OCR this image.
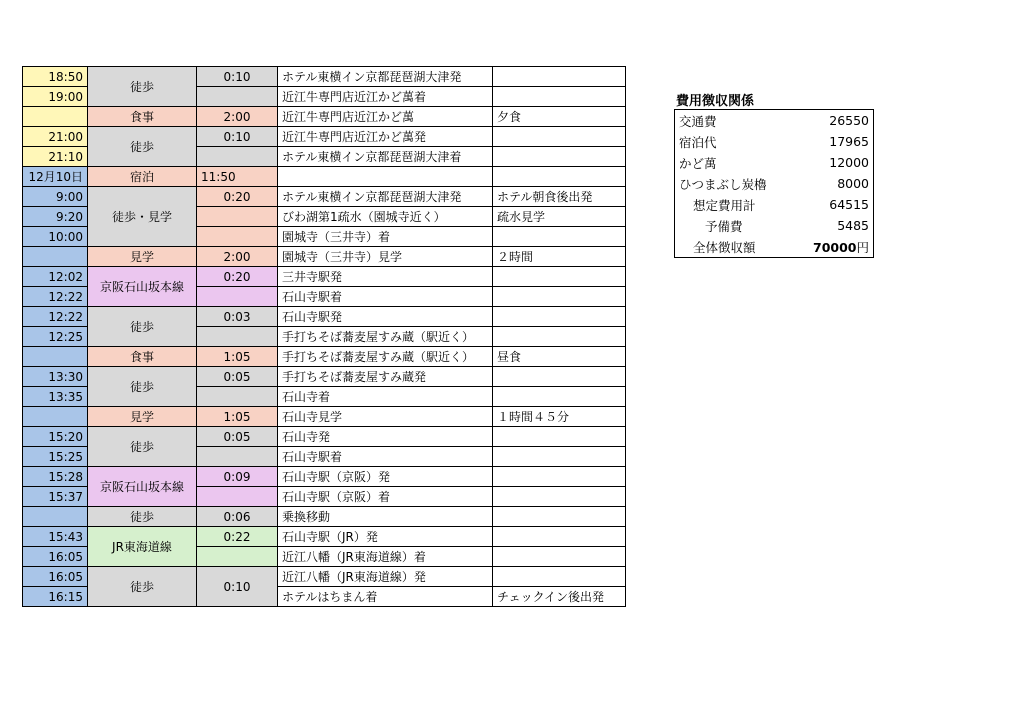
18:50	徒歩	0:10	ホテル東横イン京都琵琶湖大津発	
19:00			近江牛専門店近江かど萬着	
	食事	2:00	近江牛専門店近江かど萬	夕食
21:00	徒歩	0:10	近江牛専門店近江かど萬発	
21:10			ホテル東横イン京都琵琶湖大津着	
12月10日	宿泊	11:50		
9:00	徒歩・見学	0:20	ホテル東横イン京都琵琶湖大津発	ホテル朝食後出発
9:20			びわ湖第1疏水（園城寺近く）	疏水見学
10:00			園城寺（三井寺）着	
	見学	2:00	園城寺（三井寺）見学	２時間
12:02	京阪石山坂本線	0:20	三井寺駅発	
12:22			石山寺駅着	
12:22	徒歩	0:03	石山寺駅発	
12:25			手打ちそば蕎麦屋すみ蔵（駅近く）	
	食事	1:05	手打ちそば蕎麦屋すみ蔵（駅近く）	昼食
13:30	徒歩	0:05	手打ちそば蕎麦屋すみ蔵発	
13:35			石山寺着	
	見学	1:05	石山寺見学	１時間４５分
15:20	徒歩	0:05	石山寺発	
15:25			石山寺駅着	
15:28	京阪石山坂本線	0:09	石山寺駅（京阪）発	
15:37			石山寺駅（京阪）着	
	徒歩	0:06	乗換移動	
15:43	JR東海道線	0:22	石山寺駅（JR）発	
16:05			近江八幡（JR東海道線）着	
16:05	徒歩	0:10	近江八幡（JR東海道線）発	
16:15			ホテルはちまん着	チェックイン後出発
費用徴収関係
交通費	26550
宿泊代	17965
かど萬	12000
ひつまぶし炭櫓	8000
想定費用計	64515
予備費	5485
全体徴収額	70000円
